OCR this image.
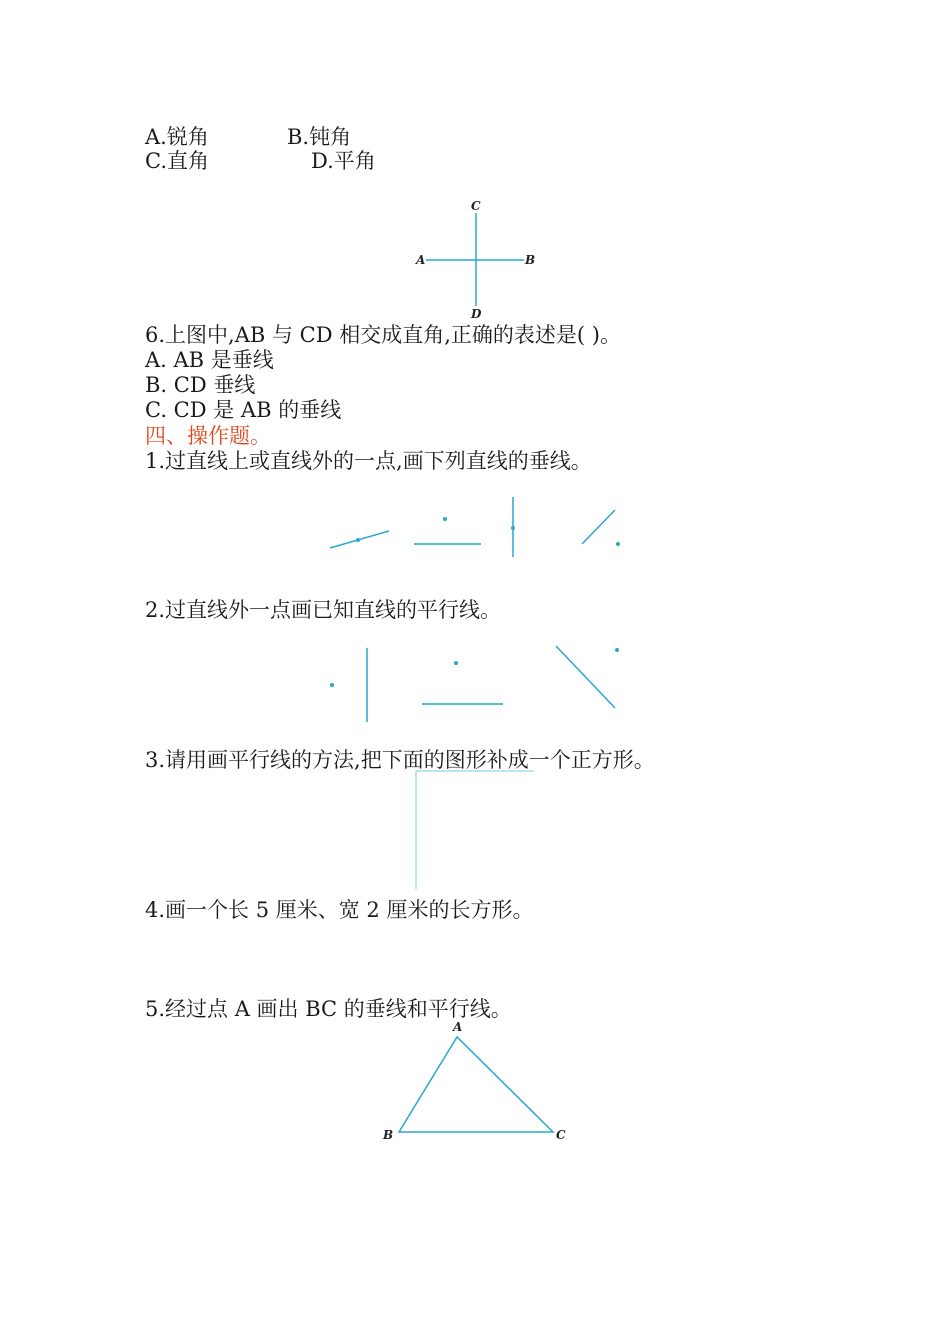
A.锐角	B.钝角
C.直角	D.平角
C
A	B
D
6.上图中,AB 与 CD 相交成直角,正确的表述是( )。
A. AB 是垂线
B. CD 垂线
C. CD 是 AB 的垂线
四、操作题。
1.过直线上或直线外的一点,画下列直线的垂线。
2.过直线外一点画已知直线的平行线。
3.请用画平行线的方法,把下面的图形补成一个正方形。
4.画一个长 5 厘米、宽 2 厘米的长方形。
5.经过点 A 画出 BC 的垂线和平行线。
A
B	C
